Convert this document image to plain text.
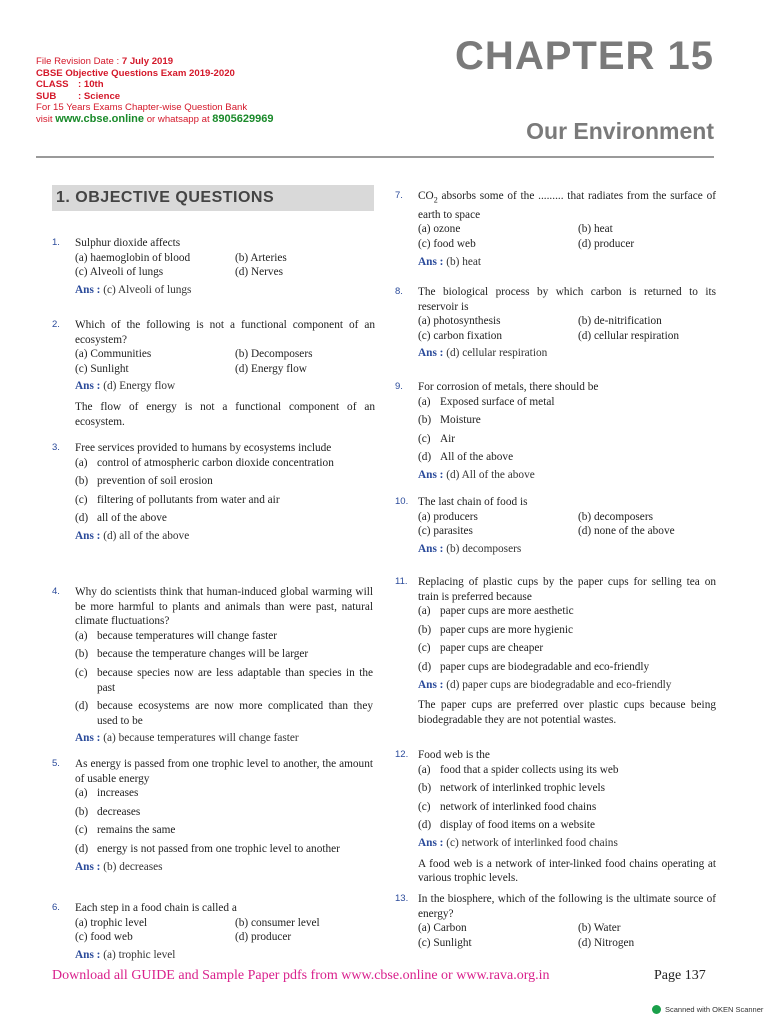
File Revision Date : 7 July 2019
CBSE Objective Questions Exam 2019-2020
CLASS : 10th
SUB : Science
For 15 Years Exams Chapter-wise Question Bank
visit www.cbse.online or whatsapp at 8905629969
CHAPTER 15
Our Environment
1. OBJECTIVE QUESTIONS
1. Sulphur dioxide affects
(a) haemoglobin of blood	(b) Arteries
(c) Alveoli of lungs	(d) Nerves
Ans : (c) Alveoli of lungs
2. Which of the following is not a functional component of an ecosystem?
(a) Communities	(b) Decomposers
(c) Sunlight	(d) Energy flow
Ans : (d) Energy flow
The flow of energy is not a functional component of an ecosystem.
3. Free services provided to humans by ecosystems include
(a) control of atmospheric carbon dioxide concentration
(b) prevention of soil erosion
(c) filtering of pollutants from water and air
(d) all of the above
Ans : (d) all of the above
4. Why do scientists think that human-induced global warming will be more harmful to plants and animals than were past, natural climate fluctuations?
(a) because temperatures will change faster
(b) because the temperature changes will be larger
(c) because species now are less adaptable than species in the past
(d) because ecosystems are now more complicated than they used to be
Ans : (a) because temperatures will change faster
5. As energy is passed from one trophic level to another, the amount of usable energy
(a) increases
(b) decreases
(c) remains the same
(d) energy is not passed from one trophic level to another
Ans : (b) decreases
6. Each step in a food chain is called a
(a) trophic level	(b) consumer level
(c) food web	(d) producer
Ans : (a) trophic level
7. $CO_2$ absorbs some of the ......... that radiates from the surface of earth to space
(a) ozone	(b) heat
(c) food web	(d) producer
Ans : (b) heat
8. The biological process by which carbon is returned to its reservoir is
(a) photosynthesis	(b) de-nitrification
(c) carbon fixation	(d) cellular respiration
Ans : (d) cellular respiration
9. For corrosion of metals, there should be
(a) Exposed surface of metal
(b) Moisture
(c) Air
(d) All of the above
Ans : (d) All of the above
10. The last chain of food is
(a) producers	(b) decomposers
(c) parasites	(d) none of the above
Ans : (b) decomposers
11. Replacing of plastic cups by the paper cups for selling tea on train is preferred because
(a) paper cups are more aesthetic
(b) paper cups are more hygienic
(c) paper cups are cheaper
(d) paper cups are biodegradable and eco-friendly
Ans : (d) paper cups are biodegradable and eco-friendly
The paper cups are preferred over plastic cups because being biodegradable they are not potential wastes.
12. Food web is the
(a) food that a spider collects using its web
(b) network of interlinked trophic levels
(c) network of interlinked food chains
(d) display of food items on a website
Ans : (c) network of interlinked food chains
A food web is a network of inter-linked food chains operating at various trophic levels.
13. In the biosphere, which of the following is the ultimate source of energy?
(a) Carbon	(b) Water
(c) Sunlight	(d) Nitrogen
Download all GUIDE and Sample Paper pdfs from www.cbse.online or www.rava.org.in	Page 137
Scanned with OKEN Scanner
